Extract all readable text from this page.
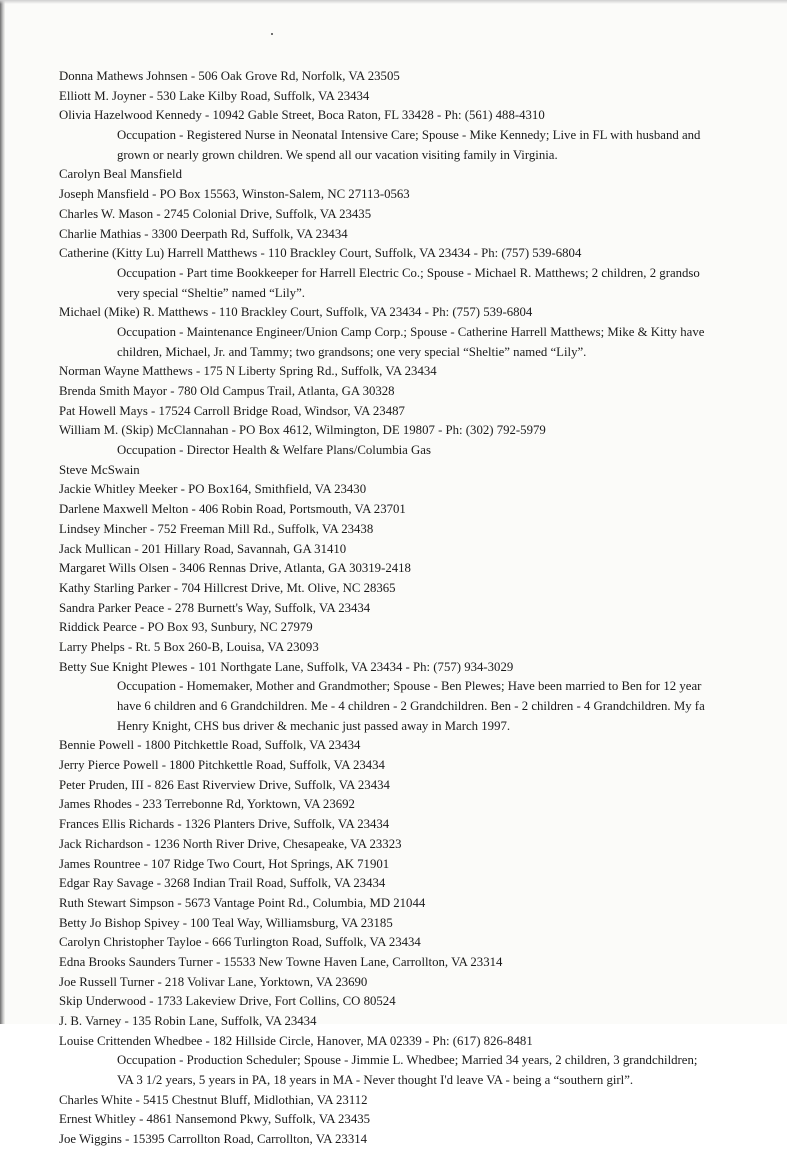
Donna Mathews Johnsen - 506 Oak Grove Rd, Norfolk, VA 23505
Elliott M. Joyner - 530 Lake Kilby Road, Suffolk, VA 23434
Olivia Hazelwood Kennedy - 10942 Gable Street, Boca Raton, FL 33428 - Ph: (561) 488-4310
Occupation - Registered Nurse in Neonatal Intensive Care; Spouse - Mike Kennedy; Live in FL with husband and
grown or nearly grown children. We spend all our vacation visiting family in Virginia.
Carolyn Beal Mansfield
Joseph Mansfield - PO Box 15563, Winston-Salem, NC 27113-0563
Charles W. Mason - 2745 Colonial Drive, Suffolk, VA 23435
Charlie Mathias - 3300 Deerpath Rd, Suffolk, VA 23434
Catherine (Kitty Lu) Harrell Matthews - 110 Brackley Court, Suffolk, VA 23434 - Ph: (757) 539-6804
Occupation - Part time Bookkeeper for Harrell Electric Co.; Spouse - Michael R. Matthews; 2 children, 2 grandso
very special “Sheltie” named “Lily”.
Michael (Mike) R. Matthews - 110 Brackley Court, Suffolk, VA 23434 - Ph: (757) 539-6804
Occupation - Maintenance Engineer/Union Camp Corp.; Spouse - Catherine Harrell Matthews; Mike & Kitty have
children, Michael, Jr. and Tammy; two grandsons; one very special “Sheltie” named “Lily”.
Norman Wayne Matthews - 175 N Liberty Spring Rd., Suffolk, VA 23434
Brenda Smith Mayor - 780 Old Campus Trail, Atlanta, GA 30328
Pat Howell Mays - 17524 Carroll Bridge Road, Windsor, VA 23487
William M. (Skip) McClannahan - PO Box 4612, Wilmington, DE 19807 - Ph: (302) 792-5979
Occupation - Director Health & Welfare Plans/Columbia Gas
Steve McSwain
Jackie Whitley Meeker - PO Box164, Smithfield, VA 23430
Darlene Maxwell Melton - 406 Robin Road, Portsmouth, VA 23701
Lindsey Mincher - 752 Freeman Mill Rd., Suffolk, VA 23438
Jack Mullican - 201 Hillary Road, Savannah, GA 31410
Margaret Wills Olsen - 3406 Rennas Drive, Atlanta, GA 30319-2418
Kathy Starling Parker - 704 Hillcrest Drive, Mt. Olive, NC 28365
Sandra Parker Peace - 278 Burnett's Way, Suffolk, VA 23434
Riddick Pearce - PO Box 93, Sunbury, NC 27979
Larry Phelps - Rt. 5 Box 260-B, Louisa, VA 23093
Betty Sue Knight Plewes - 101 Northgate Lane, Suffolk, VA 23434 - Ph: (757) 934-3029
Occupation - Homemaker, Mother and Grandmother; Spouse - Ben Plewes; Have been married to Ben for 12 year
have 6 children and 6 Grandchildren. Me - 4 children - 2 Grandchildren. Ben - 2 children - 4 Grandchildren. My fa
Henry Knight, CHS bus driver & mechanic just passed away in March 1997.
Bennie Powell - 1800 Pitchkettle Road, Suffolk, VA 23434
Jerry Pierce Powell - 1800 Pitchkettle Road, Suffolk, VA 23434
Peter Pruden, III - 826 East Riverview Drive, Suffolk, VA 23434
James Rhodes - 233 Terrebonne Rd, Yorktown, VA 23692
Frances Ellis Richards - 1326 Planters Drive, Suffolk, VA 23434
Jack Richardson - 1236 North River Drive, Chesapeake, VA 23323
James Rountree - 107 Ridge Two Court, Hot Springs, AK 71901
Edgar Ray Savage - 3268 Indian Trail Road, Suffolk, VA 23434
Ruth Stewart Simpson - 5673 Vantage Point Rd., Columbia, MD 21044
Betty Jo Bishop Spivey - 100 Teal Way, Williamsburg, VA 23185
Carolyn Christopher Tayloe - 666 Turlington Road, Suffolk, VA 23434
Edna Brooks Saunders Turner - 15533 New Towne Haven Lane, Carrollton, VA 23314
Joe Russell Turner - 218 Volivar Lane, Yorktown, VA 23690
Skip Underwood - 1733 Lakeview Drive, Fort Collins, CO 80524
J. B. Varney - 135 Robin Lane, Suffolk, VA 23434
Louise Crittenden Whedbee - 182 Hillside Circle, Hanover, MA 02339 - Ph: (617) 826-8481
Occupation - Production Scheduler; Spouse - Jimmie L. Whedbee; Married 34 years, 2 children, 3 grandchildren;
VA 3 1/2 years, 5 years in PA, 18 years in MA - Never thought I'd leave VA - being a “southern girl”.
Charles White - 5415 Chestnut Bluff, Midlothian, VA 23112
Ernest Whitley - 4861 Nansemond Pkwy, Suffolk, VA 23435
Joe Wiggins - 15395 Carrollton Road, Carrollton, VA 23314
